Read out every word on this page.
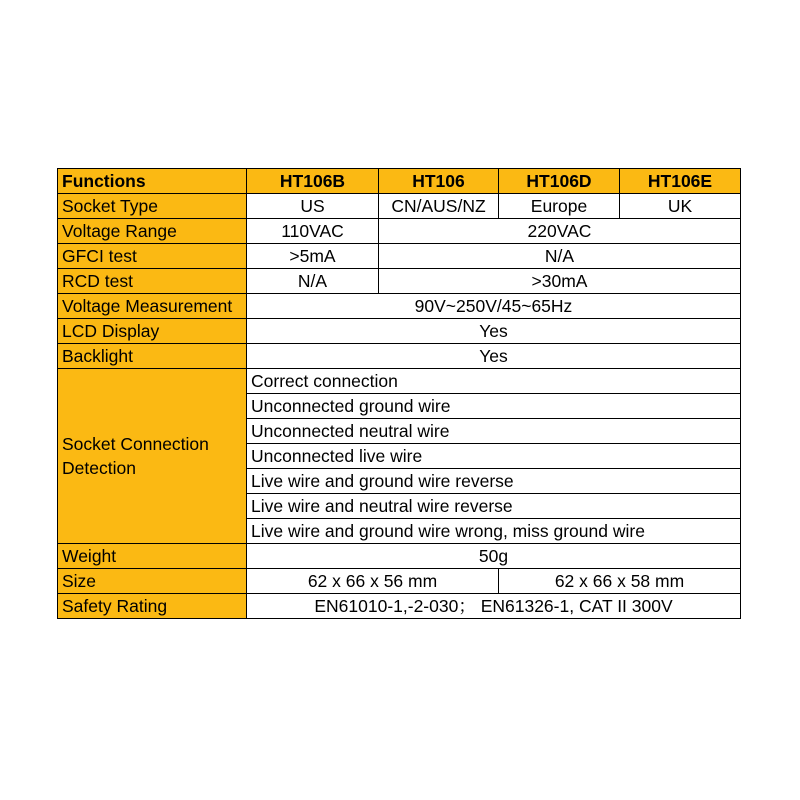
Functions	HT106B	HT106	HT106D	HT106E
Socket Type	US	CN/AUS/NZ	Europe	UK
Voltage Range	110VAC	220VAC		
GFCI test	>5mA	N/A		
RCD test	N/A	>30mA		
Voltage Measurement	90V~250V/45~65Hz			
LCD Display	Yes			
Backlight	Yes			
Socket Connection Detection	Correct connection			
	Unconnected ground wire			
	Unconnected neutral wire			
	Unconnected live wire			
	Live wire and ground wire reverse			
	Live wire and neutral wire reverse			
	Live wire and ground wire wrong, miss ground wire			
Weight	50g			
Size	62 x 66 x 56 mm		62 x 66 x 58 mm	
Safety Rating	EN61010-1,-2-030； EN61326-1, CAT II 300V			
